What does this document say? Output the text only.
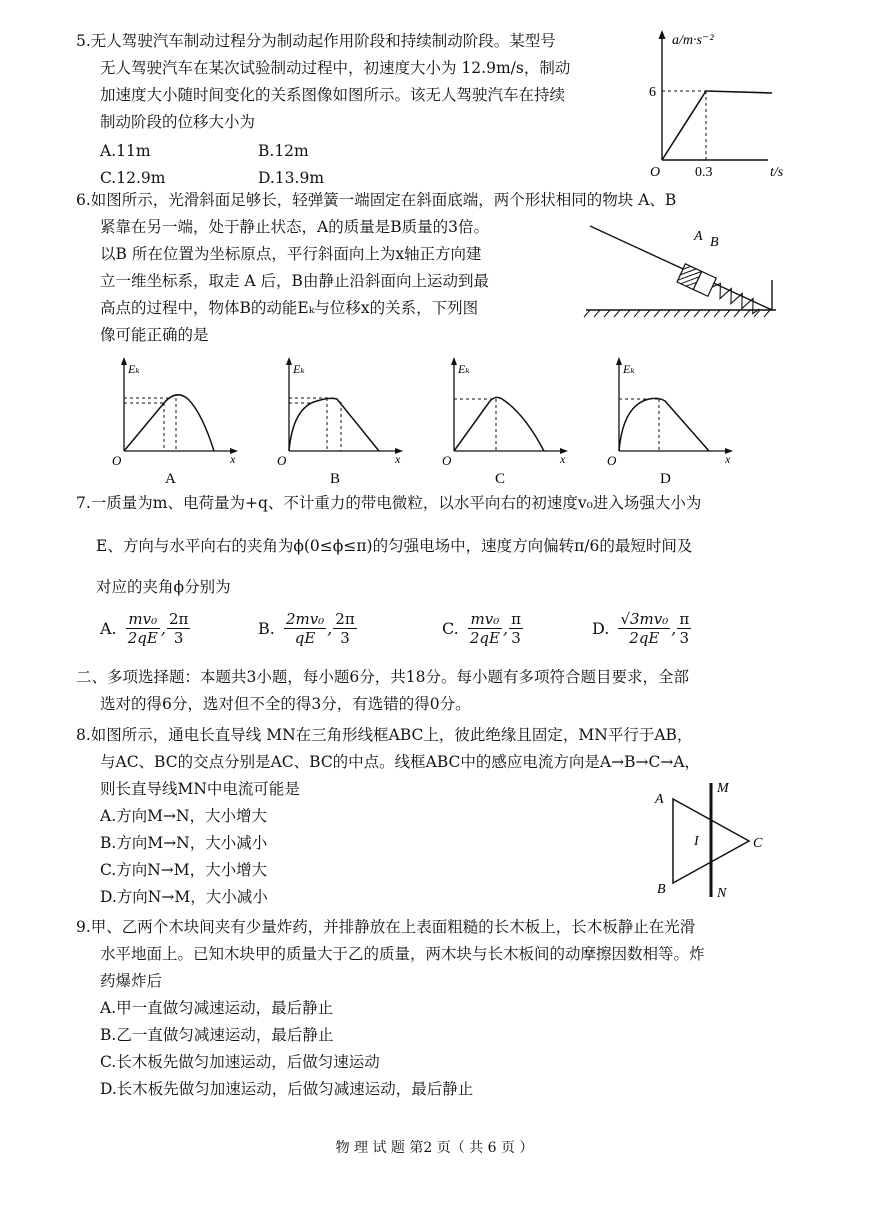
5.无人驾驶汽车制动过程分为制动起作用阶段和持续制动阶段。某型号
无人驾驶汽车在某次试验制动过程中，初速度大小为 12.9m/s，制动
加速度大小随时间变化的关系图像如图所示。该无人驾驶汽车在持续
制动阶段的位移大小为
A.11m	B.12m
C.12.9m	D.13.9m
a/m·s⁻²
O
6
0.3	t/s
6.如图所示，光滑斜面足够长，轻弹簧一端固定在斜面底端，两个形状相同的物块 A、B
紧靠在另一端，处于静止状态，A的质量是B质量的3倍。
以B 所在位置为坐标原点，平行斜面向上为x轴正方向建
立一维坐标系，取走 A 后，B由静止沿斜面向上运动到最
高点的过程中，物体B的动能Eₖ与位移x的关系，下列图
像可能正确的是
A B
Eₖ
O	x
A
Eₖ
O	x
B
Eₖ
O	x
C
Eₖ
O	x
D
7.一质量为m、电荷量为+q、不计重力的带电微粒，以水平向右的初速度v₀进入场强大小为
E、方向与水平向右的夹角为ϕ(0≤ϕ≤π)的匀强电场中，速度方向偏转π/6的最短时间及
对应的夹角ϕ分别为
A. $\frac{\text{mv₀}}{2qE}$ , $\frac{2\pi}{3}$	B. $\frac{\text{2mv₀}}{qE}$ , $\frac{2\pi}{3}$	C. $\frac{\text{mv₀}}{2qE}$ , $\frac{\pi}{3}$	D. $\frac{\text{√3mv₀}}{2qE}$ , $\frac{\pi}{3}$
二、多项选择题：本题共3小题，每小题6分，共18分。每小题有多项符合题目要求，全部
选对的得6分，选对但不全的得3分，有选错的得0分。
8.如图所示，通电长直导线 MN在三角形线框ABC上，彼此绝缘且固定，MN平行于AB，
与AC、BC的交点分别是AC、BC的中点。线框ABC中的感应电流方向是A→B→C→A，
则长直导线MN中电流可能是
A.方向M→N，大小增大
B.方向M→N，大小减小
C.方向N→M，大小增大
D.方向N→M，大小减小
A
B
C
M
N
I
9.甲、乙两个木块间夹有少量炸药，并排静放在上表面粗糙的长木板上，长木板静止在光滑
水平地面上。已知木块甲的质量大于乙的质量，两木块与长木板间的动摩擦因数相等。炸
药爆炸后
A.甲一直做匀减速运动，最后静止
B.乙一直做匀减速运动，最后静止
C.长木板先做匀加速运动，后做匀速运动
D.长木板先做匀加速运动，后做匀减速运动，最后静止
物 理 试 题 第2 页（ 共 6 页 ）
